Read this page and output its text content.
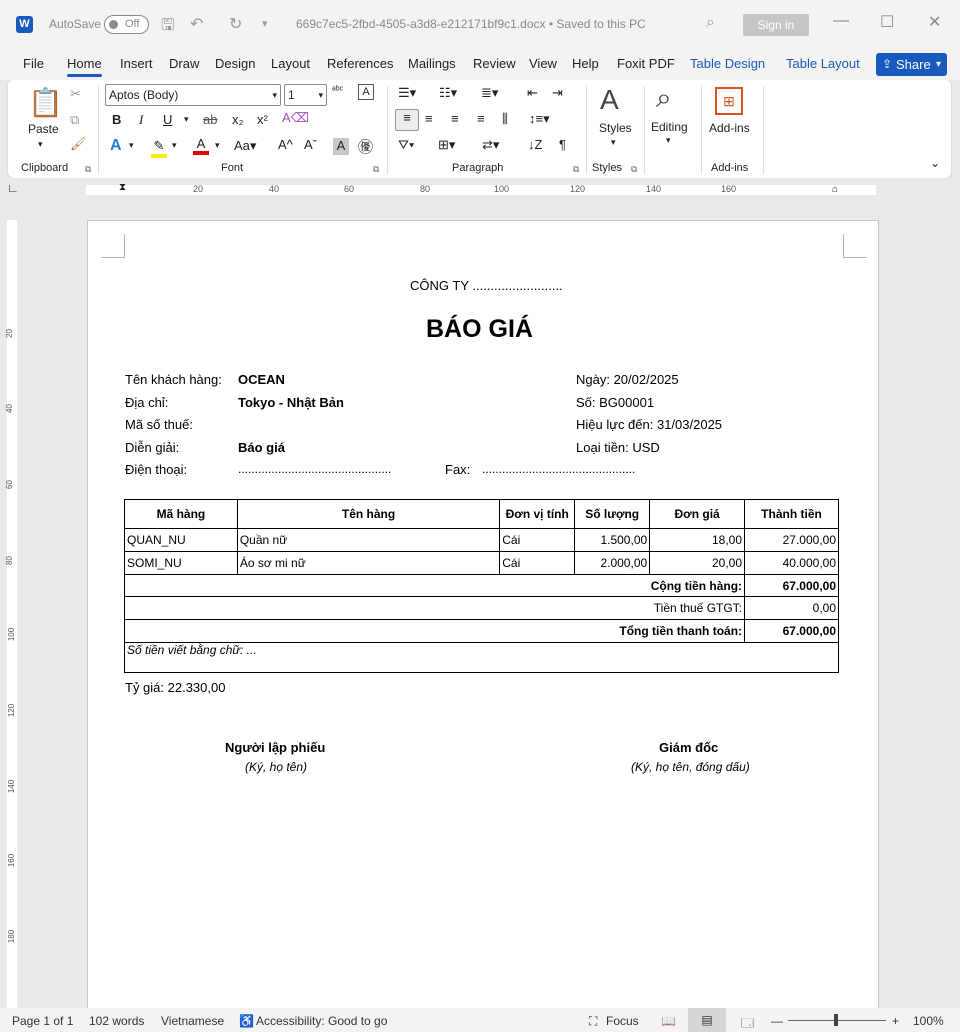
W AutoSave Off 🖫 ↶ ↻ ▾ 669c7ec5-2fbd-4505-a3d8-e212171bf9c1.docx • Saved to this PC	⌕	Sign in	— ☐ ✕
File Home Insert Draw Design Layout References Mailings Review View Help Foxit PDF Table Design Table Layout ⇪ Share ▾
📋
Paste
▾
✂
⧉
🖌
Clipboard ⧉
Aptos (Body)	▾ 1	▾ ᵃᵇᶜ	A
B I U ▾ ab x₂ x² A⌫
A ▾ ✎ ▾ A	▾ Aa▾ A^ Aˇ A ㊝
Font	⧉
☰▾ ☷▾ ≣▾ ⇤ ⇥
≡	≡ ≡ ≡ ⫼ ↕≡▾
⛛▾ ⊞▾ ⇄▾ ↓Z ¶
Paragraph	⧉
A
Styles
▾
Styles ⧉
⌕
Editing
▾
⊞
Add-ins
Add-ins	⌄
∟	20	40	60	80	100	120	140	160
⧗	⌂
20
40
60
80
100
120
140
160
180
CÔNG TY .........................
BÁO GIÁ
Tên khách hàng: OCEAN
Địa chỉ:	Tokyo - Nhật Bản
Mã số thuế:
Diễn giải:	Báo giá
Điện thoại:	..............................................	Fax: ..............................................
Ngày: 20/02/2025
Số: BG00001
Hiệu lực đến: 31/03/2025
Loại tiền: USD
Mã hàng	Tên hàng	Đơn vị tính	Số lượng	Đơn giá	Thành tiền
QUAN_NU	Quần nữ	Cái	1.500,00	18,00	27.000,00
SOMI_NU	Áo sơ mi nữ	Cái	2.000,00	20,00	40.000,00
Cộng tiền hàng:					67.000,00
Tiền thuế GTGT:					0,00
Tổng tiền thanh toán:					67.000,00
Số tiền viết bằng chữ: ...					
Tỷ giá: 22.330,00
Người lập phiếu
(Ký, họ tên)
Giám đốc
(Ký, họ tên, đóng dấu)
Page 1 of 1 102 words Vietnamese ♿ Accessibility: Good to go	⛶ Focus 📖	▤	🗔 —	+ 100%
